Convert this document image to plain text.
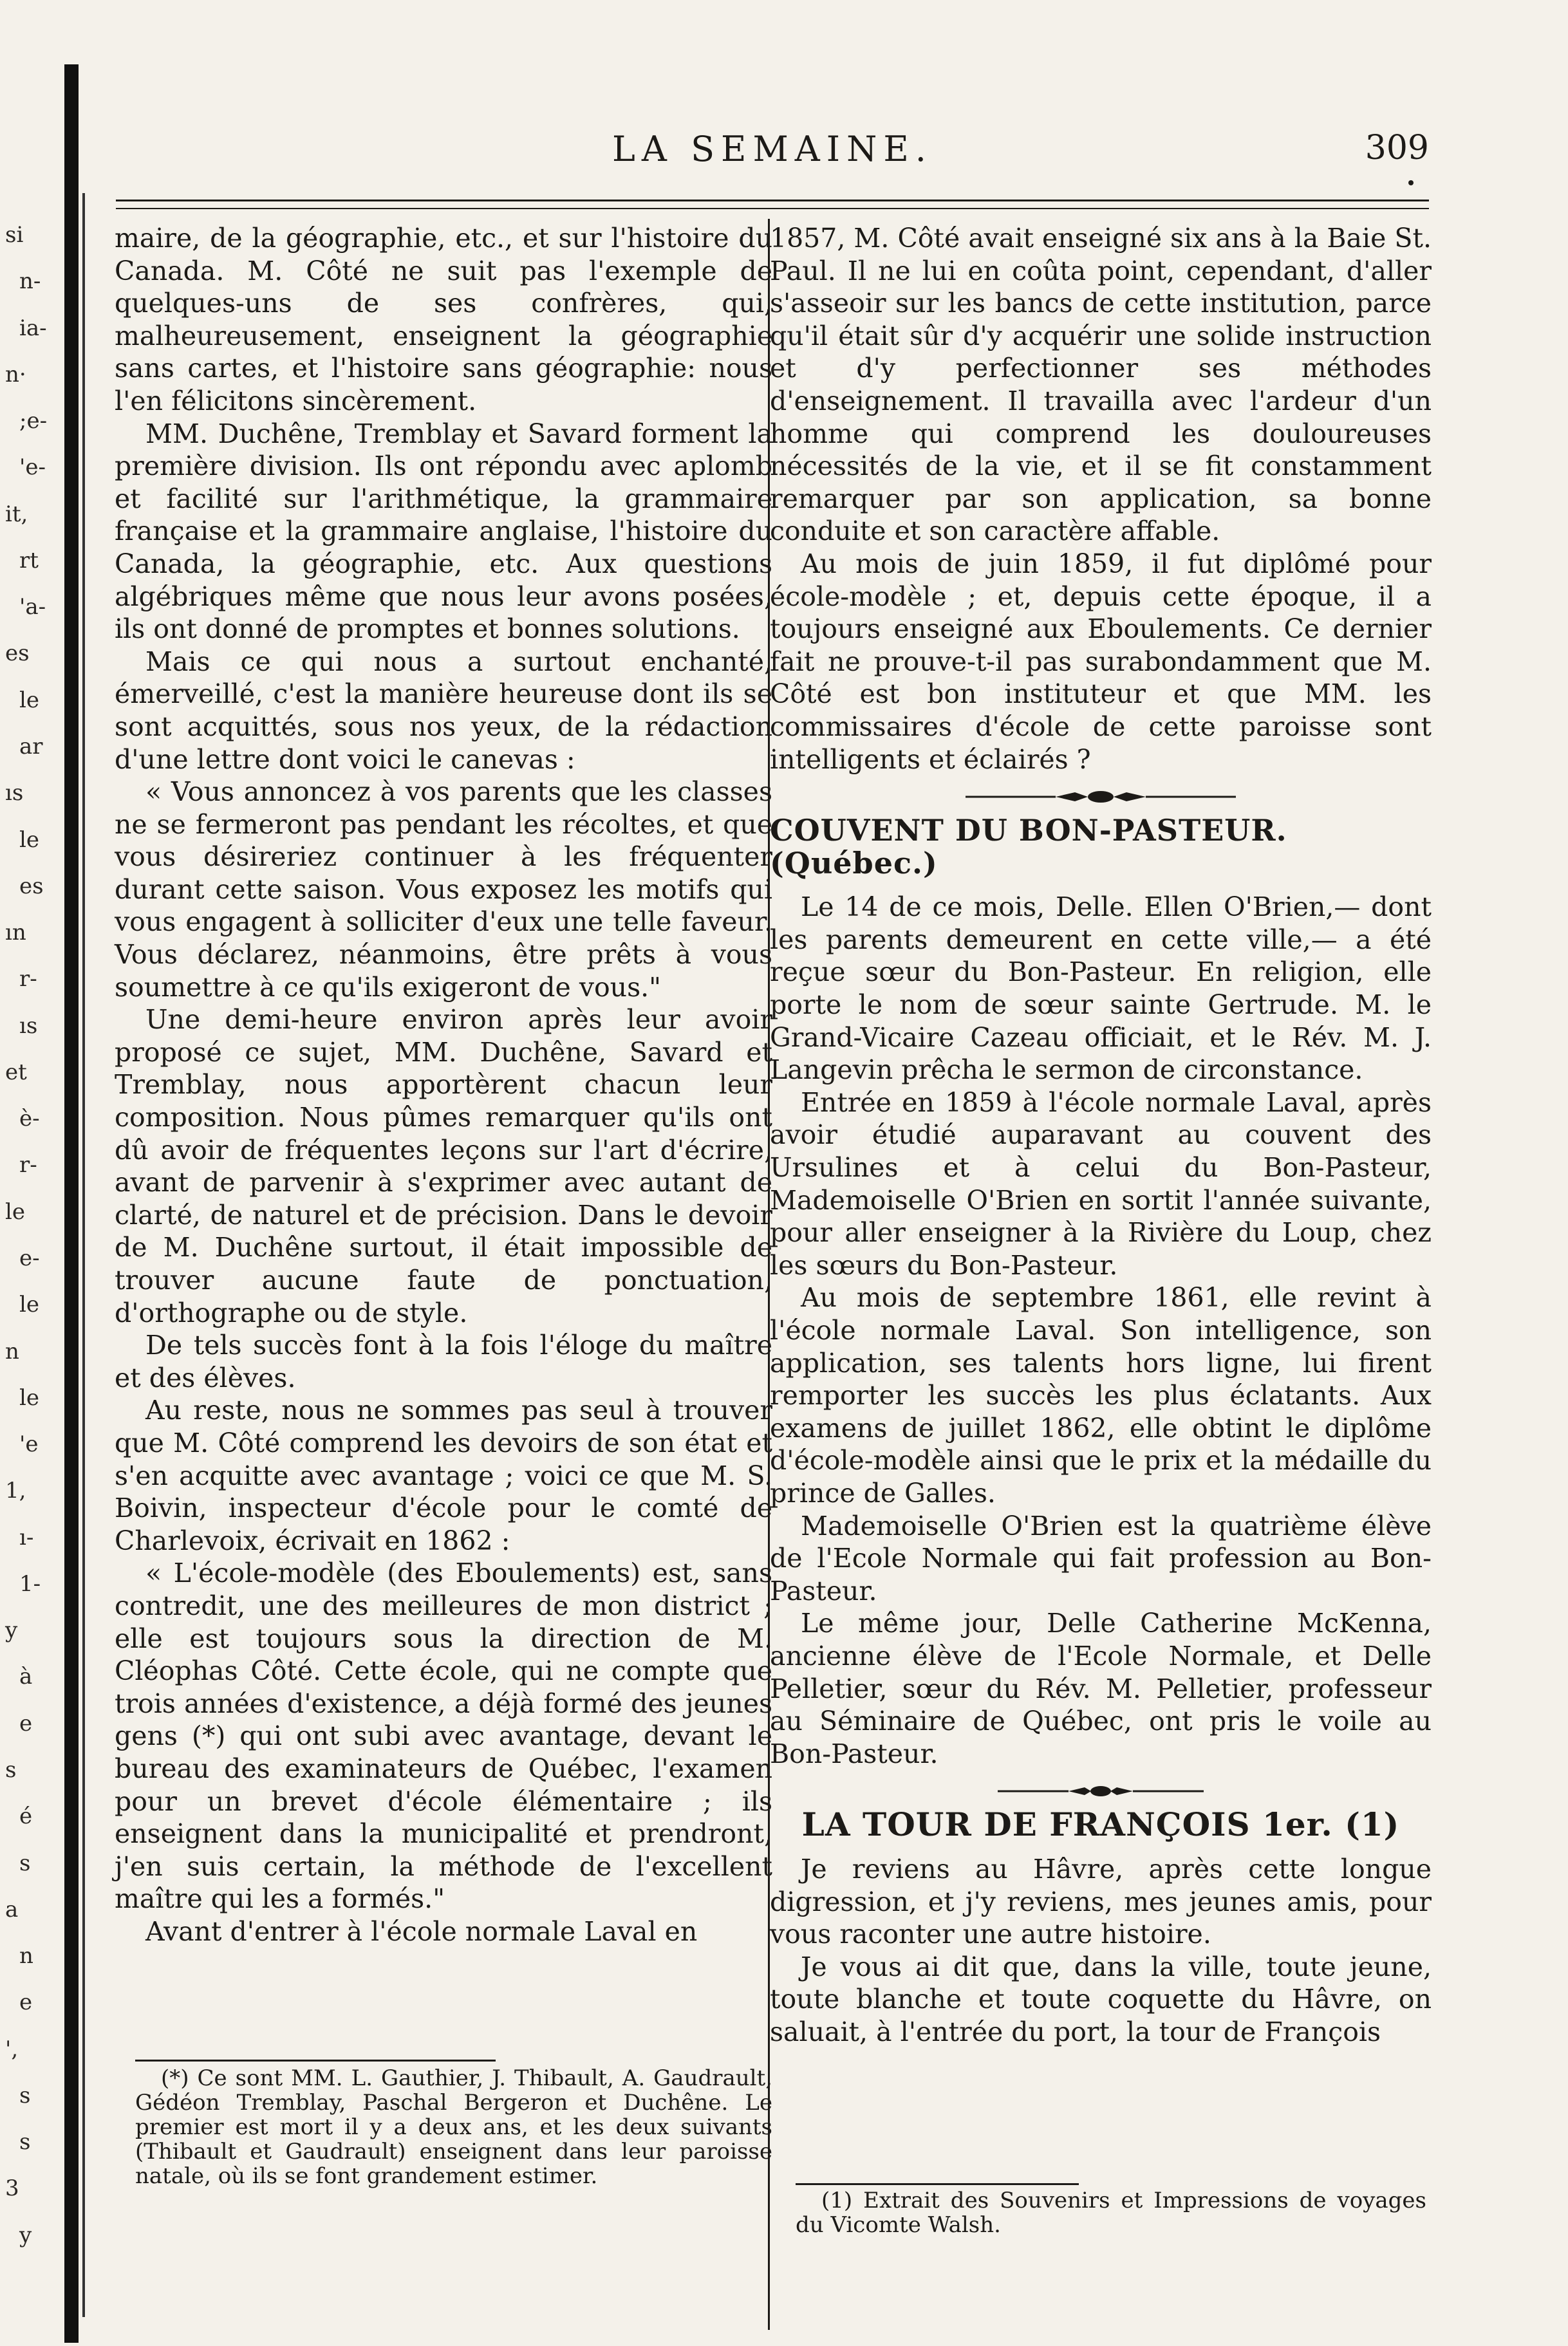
si
n-
ia-
n·
;e-
'e-
it,
rt
'a-
es
le
ar
ıs
le
es
ın
r-
ıs
et
è-
r-
le
e-
le
n
le
'e
1,
ı-
1-
y
à
e
s
é
s
a
n
e
',
s
s
3
y
LA SEMAINE.	309

maire, de la géographie, etc., et sur l'histoire du Canada. M. Côté ne suit pas l'exemple de quelques-uns de ses confrères, qui, malheureusement, enseignent la géographie sans cartes, et l'histoire sans géographie: nous l'en félicitons sincèrement.

MM. Duchêne, Tremblay et Savard forment la première division. Ils ont répondu avec aplomb et facilité sur l'arithmétique, la grammaire française et la grammaire anglaise, l'histoire du Canada, la géographie, etc. Aux questions algébriques même que nous leur avons posées, ils ont donné de promptes et bonnes solutions.

Mais ce qui nous a surtout enchanté, émerveillé, c'est la manière heureuse dont ils se sont acquittés, sous nos yeux, de la rédaction d'une lettre dont voici le canevas :

« Vous annoncez à vos parents que les classes ne se fermeront pas pendant les récoltes, et que vous désireriez continuer à les fréquenter durant cette saison. Vous exposez les motifs qui vous engagent à solliciter d'eux une telle faveur. Vous déclarez, néanmoins, être prêts à vous soumettre à ce qu'ils exigeront de vous."

Une demi-heure environ après leur avoir proposé ce sujet, MM. Duchêne, Savard et Tremblay, nous apportèrent chacun leur composition. Nous pûmes remarquer qu'ils ont dû avoir de fréquentes leçons sur l'art d'écrire, avant de parvenir à s'exprimer avec autant de clarté, de naturel et de précision. Dans le devoir de M. Duchêne surtout, il était impossible de trouver aucune faute de ponctuation, d'orthographe ou de style.

De tels succès font à la fois l'éloge du maître et des élèves.

Au reste, nous ne sommes pas seul à trouver que M. Côté comprend les devoirs de son état et s'en acquitte avec avantage ; voici ce que M. S. Boivin, inspecteur d'école pour le comté de Charlevoix, écrivait en 1862 :

« L'école-modèle (des Eboulements) est, sans contredit, une des meilleures de mon district ; elle est toujours sous la direction de M. Cléophas Côté. Cette école, qui ne compte que trois années d'existence, a déjà formé des jeunes gens (*) qui ont subi avec avantage, devant le bureau des examinateurs de Québec, l'examen pour un brevet d'école élémentaire ; ils enseignent dans la municipalité et prendront, j'en suis certain, la méthode de l'excellent maître qui les a formés."

Avant d'entrer à l'école normale Laval en

(*) Ce sont MM. L. Gauthier, J. Thibault, A. Gaudrault, Gédéon Tremblay, Paschal Bergeron et Duchêne. Le premier est mort il y a deux ans, et les deux suivants (Thibault et Gaudrault) enseignent dans leur paroisse natale, où ils se font grandement estimer.

1857, M. Côté avait enseigné six ans à la Baie St. Paul. Il ne lui en coûta point, cependant, d'aller s'asseoir sur les bancs de cette institution, parce qu'il était sûr d'y acquérir une solide instruction et d'y perfectionner ses méthodes d'enseignement. Il travailla avec l'ardeur d'un homme qui comprend les douloureuses nécessités de la vie, et il se fit constamment remarquer par son application, sa bonne conduite et son caractère affable.

Au mois de juin 1859, il fut diplômé pour école-modèle ; et, depuis cette époque, il a toujours enseigné aux Eboulements. Ce dernier fait ne prouve-t-il pas surabondamment que M. Côté est bon instituteur et que MM. les commissaires d'école de cette paroisse sont intelligents et éclairés ?

COUVENT DU BON-PASTEUR. (Québec.)

Le 14 de ce mois, Delle. Ellen O'Brien,— dont les parents demeurent en cette ville,— a été reçue sœur du Bon-Pasteur. En religion, elle porte le nom de sœur sainte Gertrude. M. le Grand-Vicaire Cazeau officiait, et le Rév. M. J. Langevin prêcha le sermon de circonstance.

Entrée en 1859 à l'école normale Laval, après avoir étudié auparavant au couvent des Ursulines et à celui du Bon-Pasteur, Mademoiselle O'Brien en sortit l'année suivante, pour aller enseigner à la Rivière du Loup, chez les sœurs du Bon-Pasteur.

Au mois de septembre 1861, elle revint à l'école normale Laval. Son intelligence, son application, ses talents hors ligne, lui firent remporter les succès les plus éclatants. Aux examens de juillet 1862, elle obtint le diplôme d'école-modèle ainsi que le prix et la médaille du prince de Galles.

Mademoiselle O'Brien est la quatrième élève de l'Ecole Normale qui fait profession au Bon-Pasteur.

Le même jour, Delle Catherine McKenna, ancienne élève de l'Ecole Normale, et Delle Pelletier, sœur du Rév. M. Pelletier, professeur au Séminaire de Québec, ont pris le voile au Bon-Pasteur.

LA TOUR DE FRANÇOIS 1er. (1)

Je reviens au Hâvre, après cette longue digression, et j'y reviens, mes jeunes amis, pour vous raconter une autre histoire.

Je vous ai dit que, dans la ville, toute jeune, toute blanche et toute coquette du Hâvre, on saluait, à l'entrée du port, la tour de François

(1) Extrait des Souvenirs et Impressions de voyages du Vicomte Walsh.
